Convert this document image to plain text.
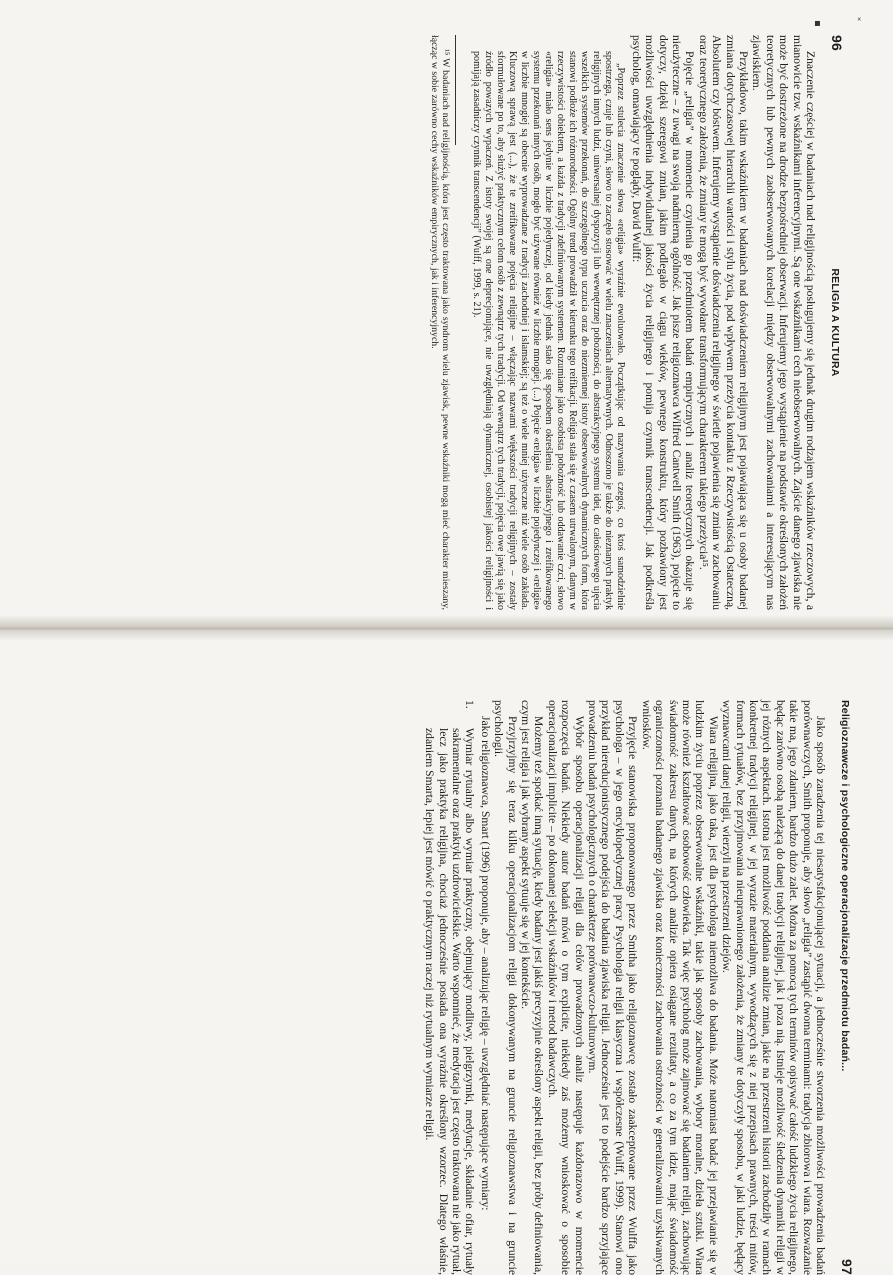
96
RELIGIA A KULTURA

Znaczenie częściej w badaniach nad religijnością posługujemy się jednak drugim rodzajem wskaźników rzeczowych, a mianowicie tzw. wskaźnikami inferencyjnymi. Są one wskaźnikami cech nieobserwowalnych. Zajście danego zjawiska nie może być dostrzeżone na drodze bezpośredniej obserwacji. Inferujemy jego wystąpienie na podstawie określonych założeń teoretycznych lub pewnych zaobserwowanych korelacji między obserwowalnymi zachowaniami a interesującym nas zjawiskiem.

Przykładowo, takim wskaźnikiem w badaniach nad doświadczeniem religijnym jest pojawiająca się u osoby badanej zmiana dotychczasowej hierarchii wartości i stylu życia, pod wpływem przeżycia kontaktu z Rzeczywistością Ostateczną, Absolutem czy bóstwem. Inferujemy wystąpienie doświadczenia religijnego w świetle pojawienia się zmian w zachowaniu oraz teoretycznego założenia, że zmiany te mogą być wywołane transformującym charakterem takiego przeżycia¹⁵.

Pojęcie „religia” w momencie czynienia go przedmiotem badań empirycznych i analiz teoretycznych okazuje się nieużyteczne – z uwagi na swoją nadmierną ogólność. Jak pisze religioznawca Wilfred Cantwell Smith (1963), pojęcie to dotyczy, dzięki szeregowi zmian, jakim podlegało w ciągu wieków, pewnego konstruktu, który pozbawiony jest możliwości uwzględnienia indywidualnej jakości życia religijnego i pomija czynnik transcendencji. Jak podkreśla psycholog, omawiający te poglądy, David Wulff:

„Poprzez stulecia znaczenie słowa «religia» wyraźnie ewoluowało. Początkując od nazywania czegoś, co ktoś samodzielnie spostrzega, czuje lub czyni, słowo to zaczęło stosować w wielu znaczeniach alternatywnych. Odnoszono je także do nieznanych praktyk religijnych innych ludzi, uniwersalnej dyspozycji lub wewnętrznej pobożności, do abstrakcyjnego systemu idei, do całościowego ujęcia wszelkich systemów przekonań, do szczególnego typu uczucia oraz do niezmiennej istoty obserwowalnych dynamicznych form, która stanowi podłoże ich różnorodności. Ogólny trend prowadził w kierunku tego reifikacji. Religia stała się z czasem utrwalonym, danym w rzeczywistości obiektem, a każda z tradycji zdefiniowanym systemem. Rozumiane jako osobista pobożność lub oddawanie czci, słowo «religia» miało sens jedynie w liczbie pojedynczej, od kiedy jednak stało się sposobem określenia abstrakcyjnego i zreifikowanego systemu przekonań innych osób, mogło być używane również w liczbie mnogiej. (...) Pojęcie «religia» w liczbie pojedynczej i «religie» w liczbie mnogiej są obecnie wyprowadzane z tradycji zachodniej i islamskiej; są też o wiele mniej użyteczne niż wiele osób zakłada. Kluczową sprawą jest (...), że te zreifikowane pojęcia religijne – włączając nazwami większości tradycji religijnych – zostały sformułowane po to, aby służyć praktycznym celom osób z zewnątrz tych tradycji. Od wewnątrz tych tradycji, pojęcia owe jawią się jako źródło powazych wypaczeń. Z istoty swojej są one deprecjonujące, nie uwzględniają dynamicznej, osobistej jakości religijności i pomijają zasadniczy czynnik transcendencji” (Wulff, 1999, s. 21).
¹⁵ W badaniach nad religijnością, która jest często traktowana jako syndrom wielu zjawisk, pewne wskaźniki mogą mieć charakter mieszany, łącząc w sobie zarówno cechy wskaźników empirycznych, jak i inferencyjnych.
Religioznawcze i psychologiczne operacjonalizacje przedmiotu badań...
97

Jako sposób zaradzenia tej niesatysfakcjonującej sytuacji, a jednocześnie stworzenia możliwości prowadzenia badań porównawczych, Smith proponuje, aby słowo „religia” zastąpić dwoma terminami: tradycja zbiorowa i wiara. Rozważanie takie ma, jego zdaniem, bardzo dużo zalet. Można za pomocą tych terminów opisywać całość ludzkiego życia religijnego, będąc zarówno osobą należącą do danej tradycji religijnej, jak i poza nią. Istnieje możliwość śledzenia dynamiki religii w jej różnych aspektach. Istotna jest możliwość poddania analizie zmian, jakie na przestrzeni historii zachodziły w ramach konkretnej tradycji religijnej, w jej wyrazie materialnym, wywodzących się z niej przepisach prawnych, treści mitów, formach rytuałów, bez przyjmowania nieuprawnionego założenia, że zmiany te dotyczyły sposobu, w jaki ludzie, będący wyznawcami danej religii, wierzyli na przestrzeni dziejów.

Wiara religijna, jako taka, jest dla psychologa niemożliwa do badania. Może natomiast badać jej przejawianie się w ludzkim życiu poprzez obserwowalne wskaźniki, takie jak sposoby zachowania, wybory moralne, dzieła sztuki. Wiara może również kształtować osobowość człowieka. Tak więc psycholog może zajmować się badaniem religii, zachowując świadomość zakresu danych, na których analizie opiera osiągane rezultaty, a co za tym idzie, mając świadomość ograniczoności poznania badanego zjawiska oraz konieczności zachowania ostrożności w generalizowaniu uzyskiwanych wniosków.

Przyjęcie stanowiska proponowanego przez Smitha jako religioznawcę zostało zaakceptowane przez Wulffa jako psychologa – w jego encyklopedycznej pracy Psychologia religii klasyczna i współczesne (Wulff, 1999). Stanowi ono przykład niereducjonistycznego podejścia do badania zjawiska religii. Jednocześnie jest to podejście bardzo sprzyjające prowadzeniu badań psychologicznych o charakterze porównawczo-kulturowym.

Wybór sposobu operacjonalizacji religii dla celów prowadzonych analiz następuje każdorazowo w momencie rozpoczęcia badań. Niekiedy autor badań mówi o tym explicite, niekiedy zaś możemy wnioskować o sposobie operacjonalizacji implicite – po dokonanej selekcji wskaźników i metod badawczych.

Możemy też spotkać inną sytuację, kiedy badany jest jakiś precyzyjnie określony aspekt religii, bez próby definiowania, czym jest religia i jak wybrany aspekt sytuuje się w jej kontekście.

Przyjrzyjmy się teraz kilku operacjonalizacjom religii dokonywanym na gruncie religioznawstwa i na gruncie psychologii.

Jako religioznawca, Smart (1996) proponuje, aby – analizując religię – uwzględniać następujące wymiary:

1.
Wymiar rytualny albo wymiar praktyczny, obejmujący modlitwy, pielgrzymki, medytacje, składanie ofiar, rytuały sakramentalne oraz praktyki uzdrowicielskie. Warto wspomnieć, że medytacja jest często traktowana nie jako rytuał, lecz jako praktyka religijna, chociaż jednocześnie posiada ona wyraźnie określony wzorzec. Dlatego właśnie, zdaniem Smarta, lepiej jest mówić o praktycznym raczej niż rytualnym wymiarze religii.
▪	ˣ
